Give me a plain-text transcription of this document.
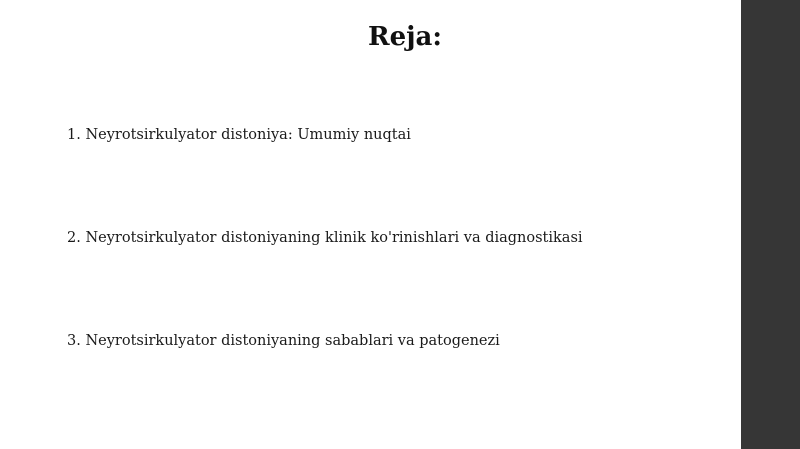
Reja:
1. Neyrotsirkulyator distoniya: Umumiy nuqtai
2. Neyrotsirkulyator distoniyaning klinik ko'rinishlari va diagnostikasi
3. Neyrotsirkulyator distoniyaning sabablari va patogenezi
